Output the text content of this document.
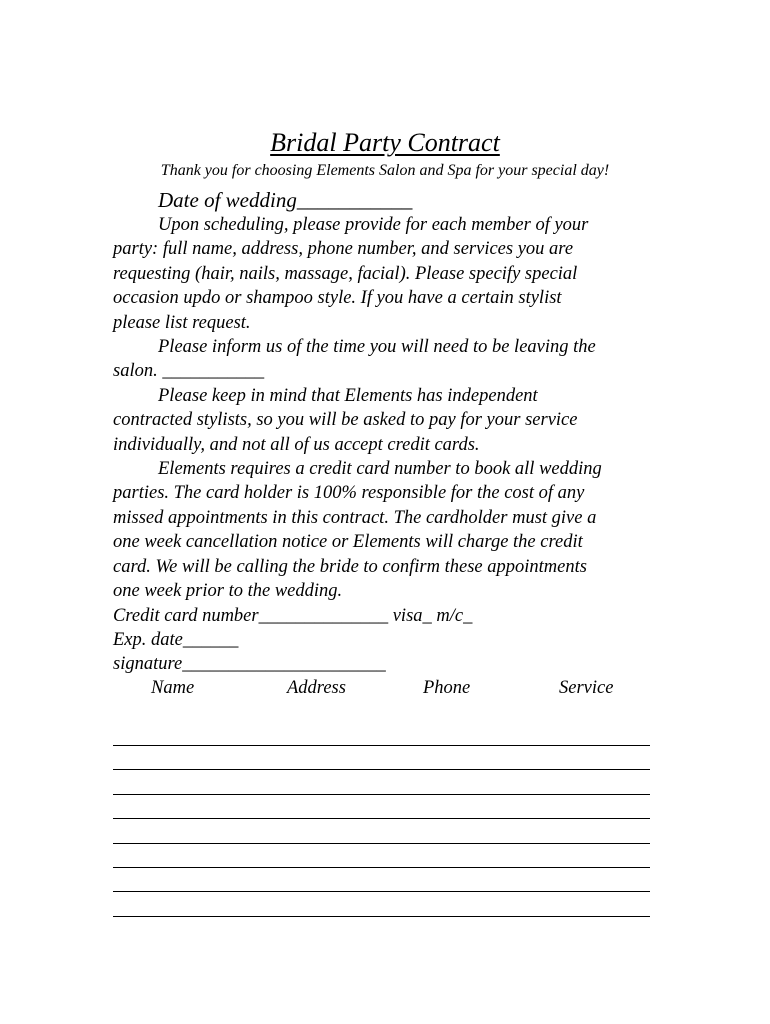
Bridal Party Contract
Thank you for choosing Elements Salon and Spa for your special day!
Date of wedding___________

Upon scheduling, please provide for each member of your
party: full name, address, phone number, and services you are
requesting (hair, nails, massage, facial). Please specify special
occasion updo or shampoo style. If you have a certain stylist
please list request.

Please inform us of the time you will need to be leaving the
salon. ___________

Please keep in mind that Elements has independent
contracted stylists, so you will be asked to pay for your service
individually, and not all of us accept credit cards.

Elements requires a credit card number to book all wedding
parties. The card holder is 100% responsible for the cost of any
missed appointments in this contract. The cardholder must give a
one week cancellation notice or Elements will charge the credit
card. We will be calling the bride to confirm these appointments
one week prior to the wedding.

Credit card number______________ visa_ m/c_
Exp. date______
signature______________________
Name	Address	Phone	Service
